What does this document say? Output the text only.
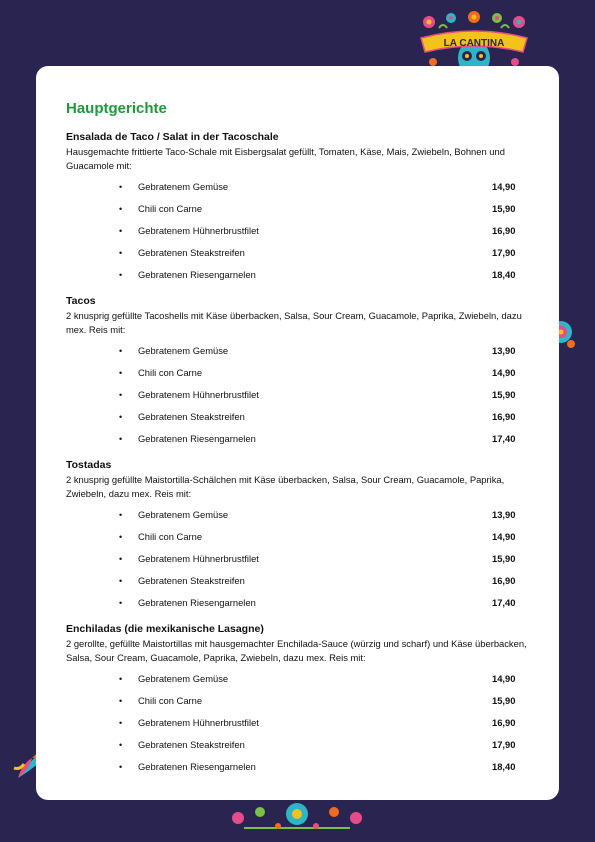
LA CANTINA
Hauptgerichte
Ensalada de Taco / Salat in der Tacoschale
Hausgemachte frittierte Taco-Schale mit Eisbergsalat gefüllt, Tomaten, Käse, Mais, Zwiebeln, Bohnen und Guacamole mit:
• Gebratenem Gemüse	14,90
• Chili con Carne	15,90
• Gebratenem Hühnerbrustfilet	16,90
• Gebratenen Steakstreifen	17,90
• Gebratenen Riesengarnelen	18,40
Tacos
2 knusprig gefüllte Tacoshells mit Käse überbacken, Salsa, Sour Cream, Guacamole, Paprika, Zwiebeln, dazu mex. Reis mit:
• Gebratenem Gemüse	13,90
• Chili con Carne	14,90
• Gebratenem Hühnerbrustfilet	15,90
• Gebratenen Steakstreifen	16,90
• Gebratenen Riesengarnelen	17,40
Tostadas
2 knusprig gefüllte Maistortilla-Schälchen mit Käse überbacken, Salsa, Sour Cream, Guacamole, Paprika, Zwiebeln, dazu mex. Reis mit:
• Gebratenem Gemüse	13,90
• Chili con Carne	14,90
• Gebratenem Hühnerbrustfilet	15,90
• Gebratenen Steakstreifen	16,90
• Gebratenen Riesengarnelen	17,40
Enchiladas (die mexikanische Lasagne)
2 gerollte, gefüllte Maistortillas mit hausgemachter Enchilada-Sauce (würzig und scharf) und Käse überbacken, Salsa, Sour Cream, Guacamole, Paprika, Zwiebeln, dazu mex. Reis mit:
• Gebratenem Gemüse	14,90
• Chili con Carne	15,90
• Gebratenem Hühnerbrustfilet	16,90
• Gebratenen Steakstreifen	17,90
• Gebratenen Riesengarnelen	18,40
